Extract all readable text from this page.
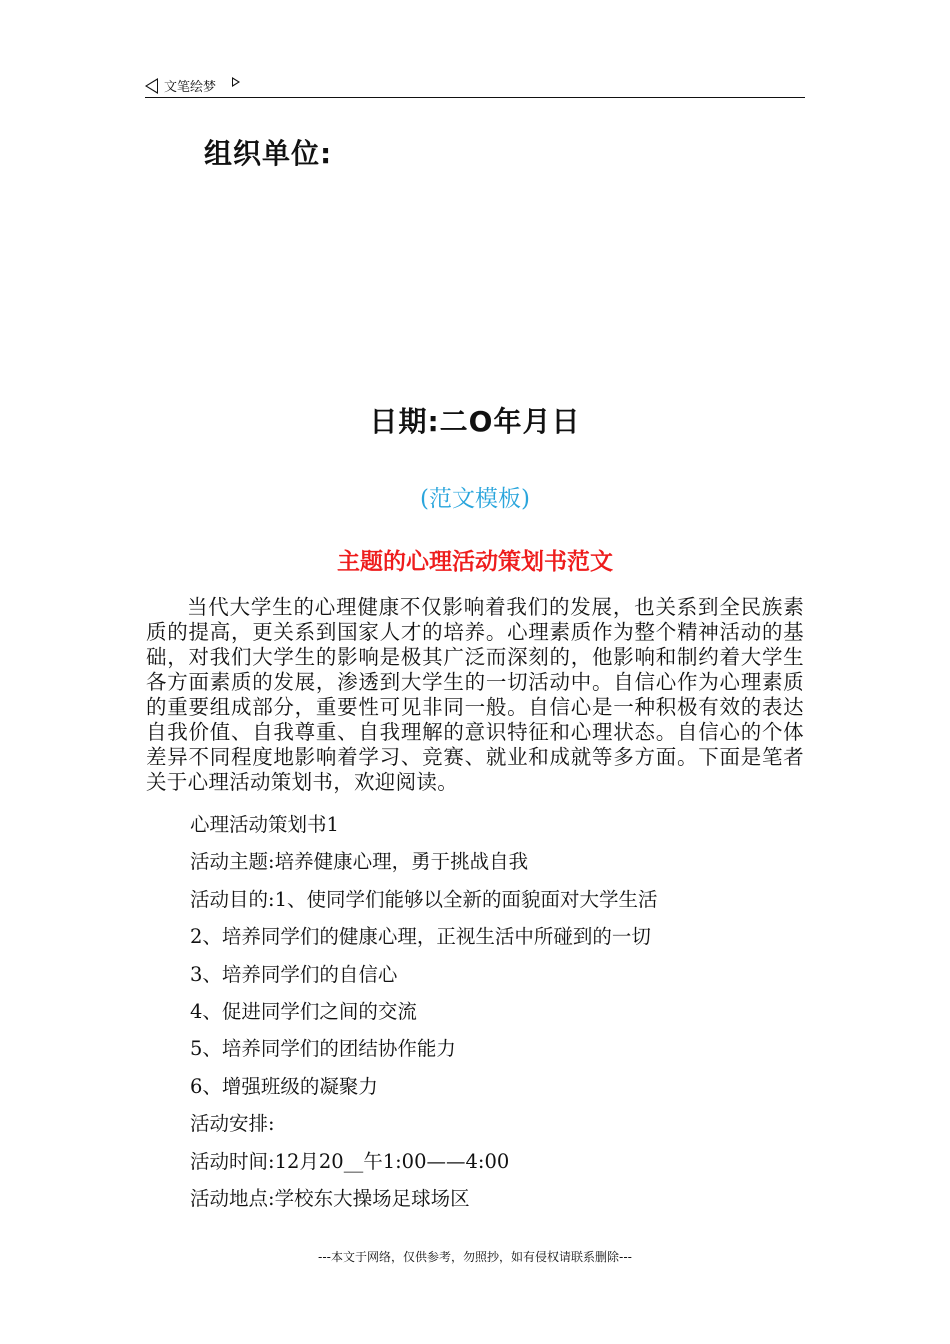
文笔绘梦
组织单位:
日期:二O年月日
(范文模板)
主题的心理活动策划书范文

当代大学生的心理健康不仅影响着我们的发展，也关系到全民族素质的提高，更关系到国家人才的培养。心理素质作为整个精神活动的基础，对我们大学生的影响是极其广泛而深刻的，他影响和制约着大学生各方面素质的发展，渗透到大学生的一切活动中。自信心作为心理素质的重要组成部分，重要性可见非同一般。自信心是一种积极有效的表达自我价值、自我尊重、自我理解的意识特征和心理状态。自信心的个体差异不同程度地影响着学习、竞赛、就业和成就等多方面。下面是笔者关于心理活动策划书，欢迎阅读。

心理活动策划书1
活动主题:培养健康心理，勇于挑战自我
活动目的:1、使同学们能够以全新的面貌面对大学生活
2、培养同学们的健康心理，正视生活中所碰到的一切
3、培养同学们的自信心
4、促进同学们之间的交流
5、培养同学们的团结协作能力
6、增强班级的凝聚力
活动安排:
活动时间:12月20__午1:00——4:00
活动地点:学校东大操场足球场区
---本文于网络，仅供参考，勿照抄，如有侵权请联系删除---
